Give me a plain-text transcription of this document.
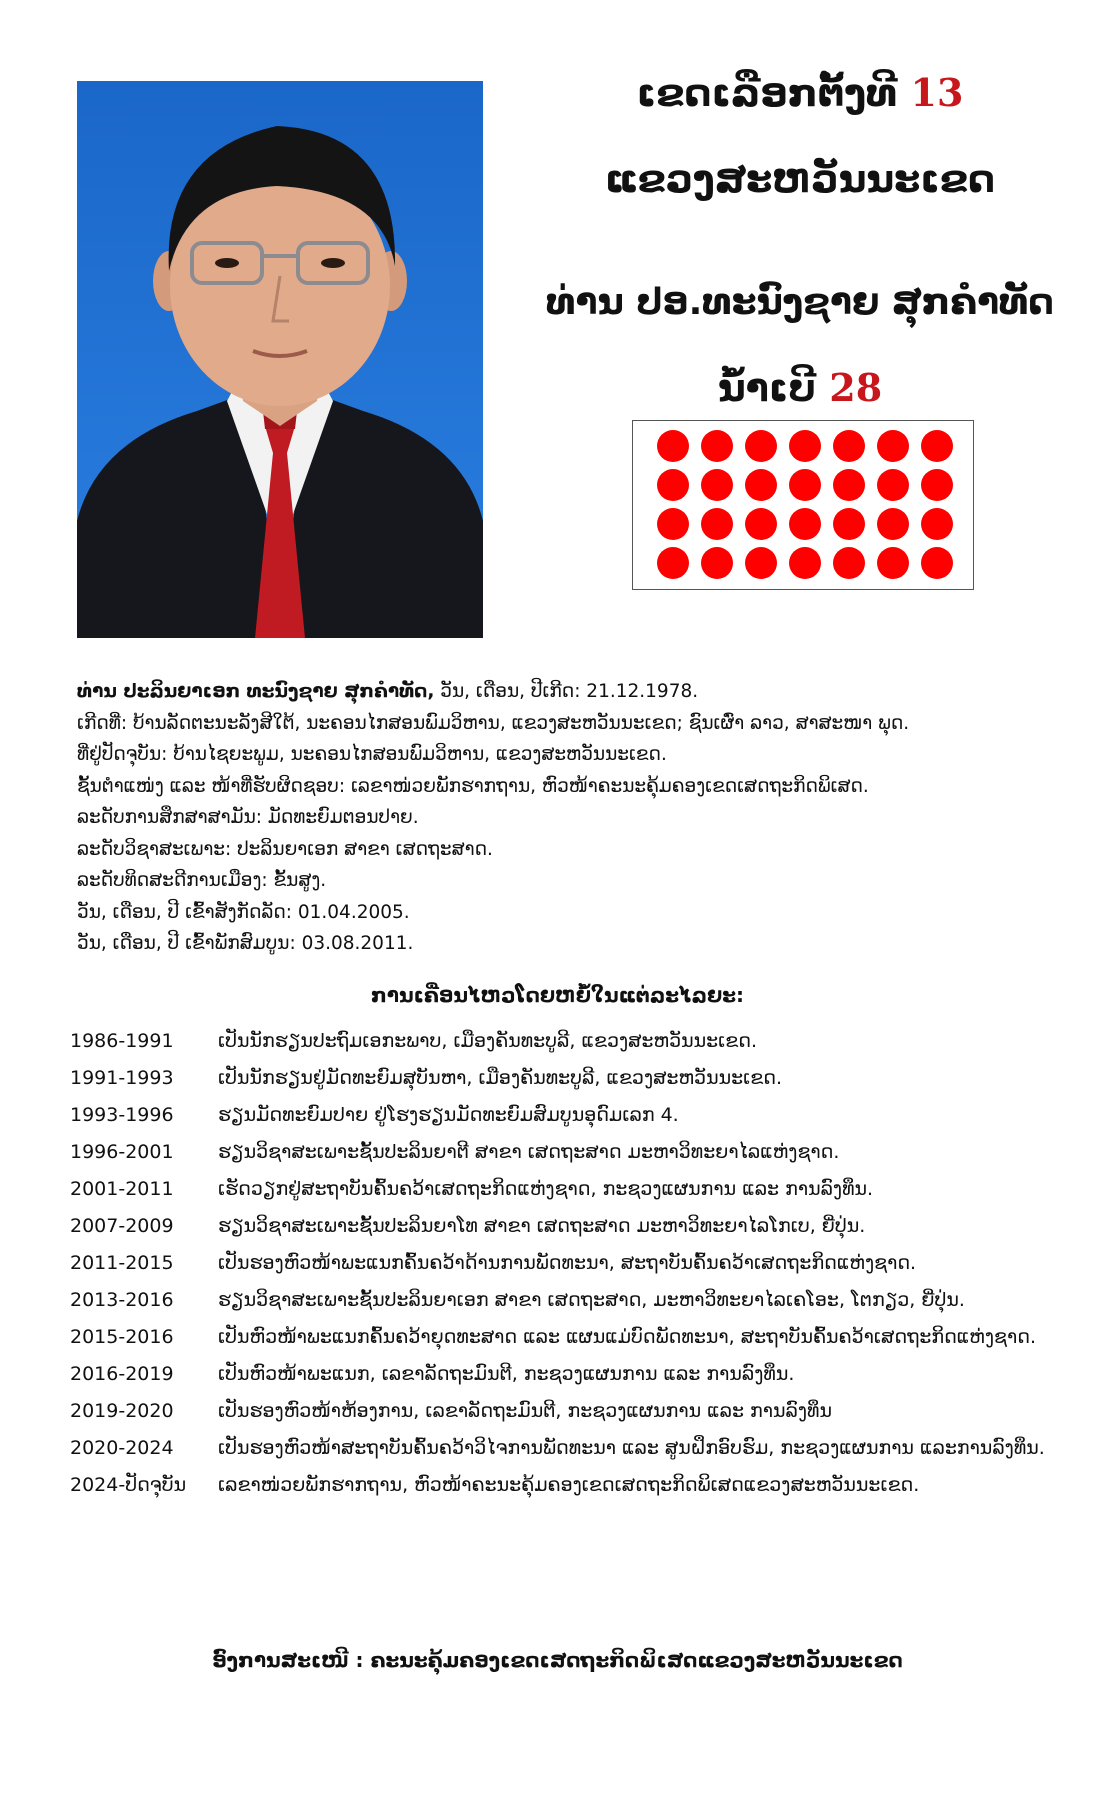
ເຂດເລືອກຕັ້ງທີ 13
ແຂວງສະຫວັນນະເຂດ
ທ່ານ ປອ.ທະນົງຊາຍ ສຸກຄຳທັດ
ນໍ້າເບີ 28
ທ່ານ ປະລິນຍາເອກ ທະນົງຊາຍ ສຸກຄໍາທັດ, ວັນ, ເດືອນ, ປີເກີດ: 21.12.1978.
ເກີດທີ່: ບ້ານລັດຕະນະລັງສີໃຕ້, ນະຄອນໄກສອນພົມວິຫານ, ແຂວງສະຫວັນນະເຂດ; ຊົນເຜົ່າ ລາວ, ສາສະໜາ ພຸດ.
ທີ່ຢູ່ປັດຈຸບັນ: ບ້ານໄຊຍະພູມ, ນະຄອນໄກສອນພົມວິຫານ, ແຂວງສະຫວັນນະເຂດ.
ຊັ້ນຕໍາແໜ່ງ ແລະ ໜ້າທີ່ຮັບຜິດຊອບ: ເລຂາໜ່ວຍພັກຮາກຖານ, ຫົວໜ້າຄະນະຄຸ້ມຄອງເຂດເສດຖະກິດພິເສດ.
ລະດັບການສຶກສາສາມັນ: ມັດທະຍົມຕອນປາຍ.
ລະດັບວິຊາສະເພາະ: ປະລິນຍາເອກ ສາຂາ ເສດຖະສາດ.
ລະດັບທິດສະດີການເມືອງ: ຂັ້ນສູງ.
ວັນ, ເດືອນ, ປີ ເຂົ້າສັງກັດລັດ: 01.04.2005.
ວັນ, ເດືອນ, ປີ ເຂົ້າພັກສົມບູນ: 03.08.2011.
ການເຄື່ອນໄຫວໂດຍຫຍໍ້ໃນແຕ່ລະໄລຍະ:
1986-1991	ເປັນນັກຮຽນປະຖົມເອກະພາບ, ເມືອງຄັນທະບູລີ, ແຂວງສະຫວັນນະເຂດ.
1991-1993	ເປັນນັກຮຽນຢູ່ມັດທະຍົມສຸບັນຫາ, ເມືອງຄັນທະບູລີ, ແຂວງສະຫວັນນະເຂດ.
1993-1996	ຮຽນມັດທະຍົມປາຍ ຢູ່ໂຮງຮຽນມັດທະຍົມສົມບູນອຸດົມເລກ 4.
1996-2001	ຮຽນວິຊາສະເພາະຊັ້ນປະລິນຍາຕີ ສາຂາ ເສດຖະສາດ ມະຫາວິທະຍາໄລແຫ່ງຊາດ.
2001-2011	ເຮັດວຽກຢູ່ສະຖາບັນຄົ້ນຄວ້າເສດຖະກິດແຫ່ງຊາດ, ກະຊວງແຜນການ ແລະ ການລົງທຶນ.
2007-2009	ຮຽນວິຊາສະເພາະຊັ້ນປະລິນຍາໂທ ສາຂາ ເສດຖະສາດ ມະຫາວິທະຍາໄລໂກເບ, ຍີ່ປຸ່ນ.
2011-2015	ເປັນຮອງຫົວໜ້າພະແນກຄົ້ນຄວ້າດ້ານການພັດທະນາ, ສະຖາບັນຄົ້ນຄວ້າເສດຖະກິດແຫ່ງຊາດ.
2013-2016	ຮຽນວິຊາສະເພາະຊັ້ນປະລິນຍາເອກ ສາຂາ ເສດຖະສາດ, ມະຫາວິທະຍາໄລເຄໂອະ, ໂຕກຽວ, ຍີ່ປຸ່ນ.
2015-2016	ເປັນຫົວໜ້າພະແນກຄົ້ນຄວ້າຍຸດທະສາດ ແລະ ແຜນແມ່ບົດພັດທະນາ, ສະຖາບັນຄົ້ນຄວ້າເສດຖະກິດແຫ່ງຊາດ.
2016-2019	ເປັນຫົວໜ້າພະແນກ, ເລຂາລັດຖະມົນຕີ, ກະຊວງແຜນການ ແລະ ການລົງທຶນ.
2019-2020	ເປັນຮອງຫົວໜ້າຫ້ອງການ, ເລຂາລັດຖະມົນຕີ, ກະຊວງແຜນການ ແລະ ການລົງທຶນ
2020-2024	ເປັນຮອງຫົວໜ້າສະຖາບັນຄົ້ນຄວ້າວິໄຈການພັດທະນາ ແລະ ສູນຝຶກອົບຮົມ, ກະຊວງແຜນການ ແລະການລົງທຶນ.
2024-ປັດຈຸບັນ	ເລຂາໜ່ວຍພັກຮາກຖານ, ຫົວໜ້າຄະນະຄຸ້ມຄອງເຂດເສດຖະກິດພິເສດແຂວງສະຫວັນນະເຂດ.
ອົງການສະເໜີ : ຄະນະຄຸ້ມຄອງເຂດເສດຖະກິດພິເສດແຂວງສະຫວັນນະເຂດ
